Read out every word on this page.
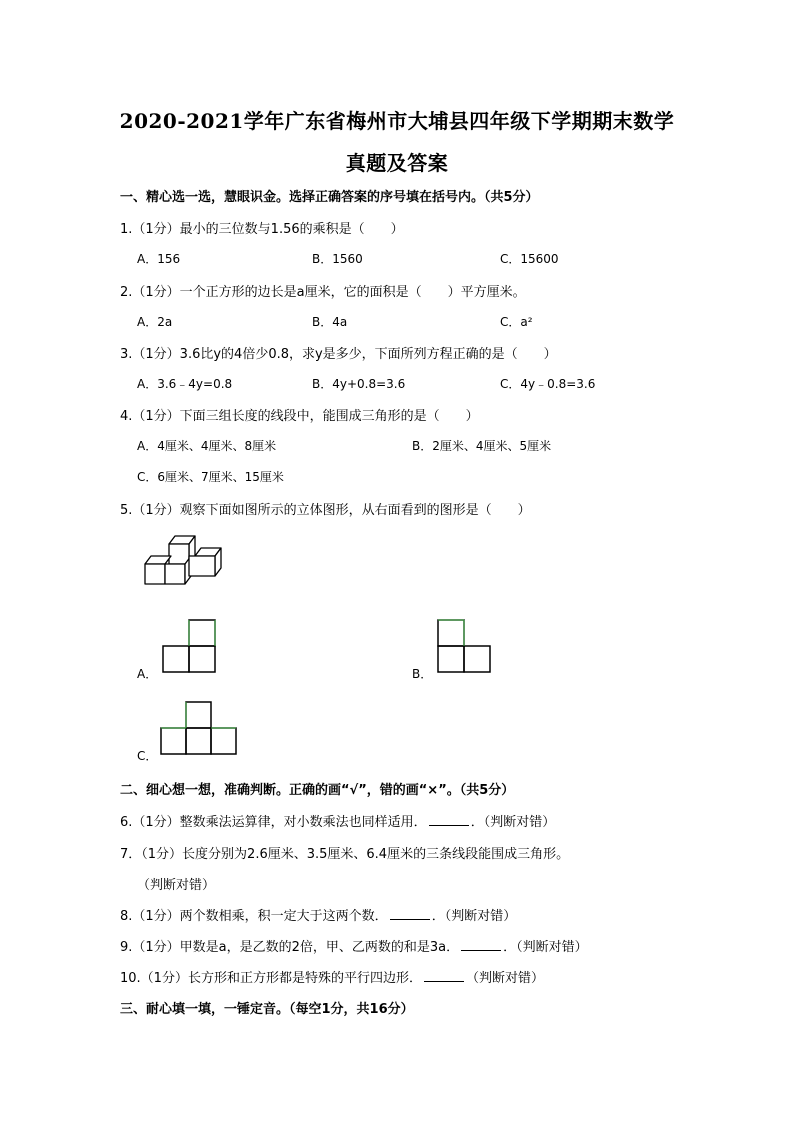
2020-2021学年广东省梅州市大埔县四年级下学期期末数学
真题及答案
一、精心选一选，慧眼识金。选择正确答案的序号填在括号内。（共5分）
1.（1分）最小的三位数与1.56的乘积是（　　）
A．156	B．1560	C．15600
2.（1分）一个正方形的边长是a厘米，它的面积是（　　）平方厘米。
A．2a	B．4a	C．a²
3.（1分）3.6比y的4倍少0.8，求y是多少，下面所列方程正确的是（　　）
A．3.6﹣4y=0.8	B．4y+0.8=3.6	C．4y﹣0.8=3.6
4.（1分）下面三组长度的线段中，能围成三角形的是（　　）
A．4厘米、4厘米、8厘米	B．2厘米、4厘米、5厘米
C．6厘米、7厘米、15厘米
5.（1分）观察下面如图所示的立体图形，从右面看到的图形是（　　）
A．	B．
C．
二、细心想一想，准确判断。正确的画“√”，错的画“×”。（共5分）
6.（1分）整数乘法运算律，对小数乘法也同样适用．	．（判断对错）
7．（1分）长度分别为2.6厘米、3.5厘米、6.4厘米的三条线段能围成三角形。
（判断对错）
8.（1分）两个数相乘，积一定大于这两个数．	．（判断对错）
9.（1分）甲数是a，是乙数的2倍，甲、乙两数的和是3a．	．（判断对错）
10.（1分）长方形和正方形都是特殊的平行四边形．	（判断对错）
三、耐心填一填，一锤定音。（每空1分，共16分）
